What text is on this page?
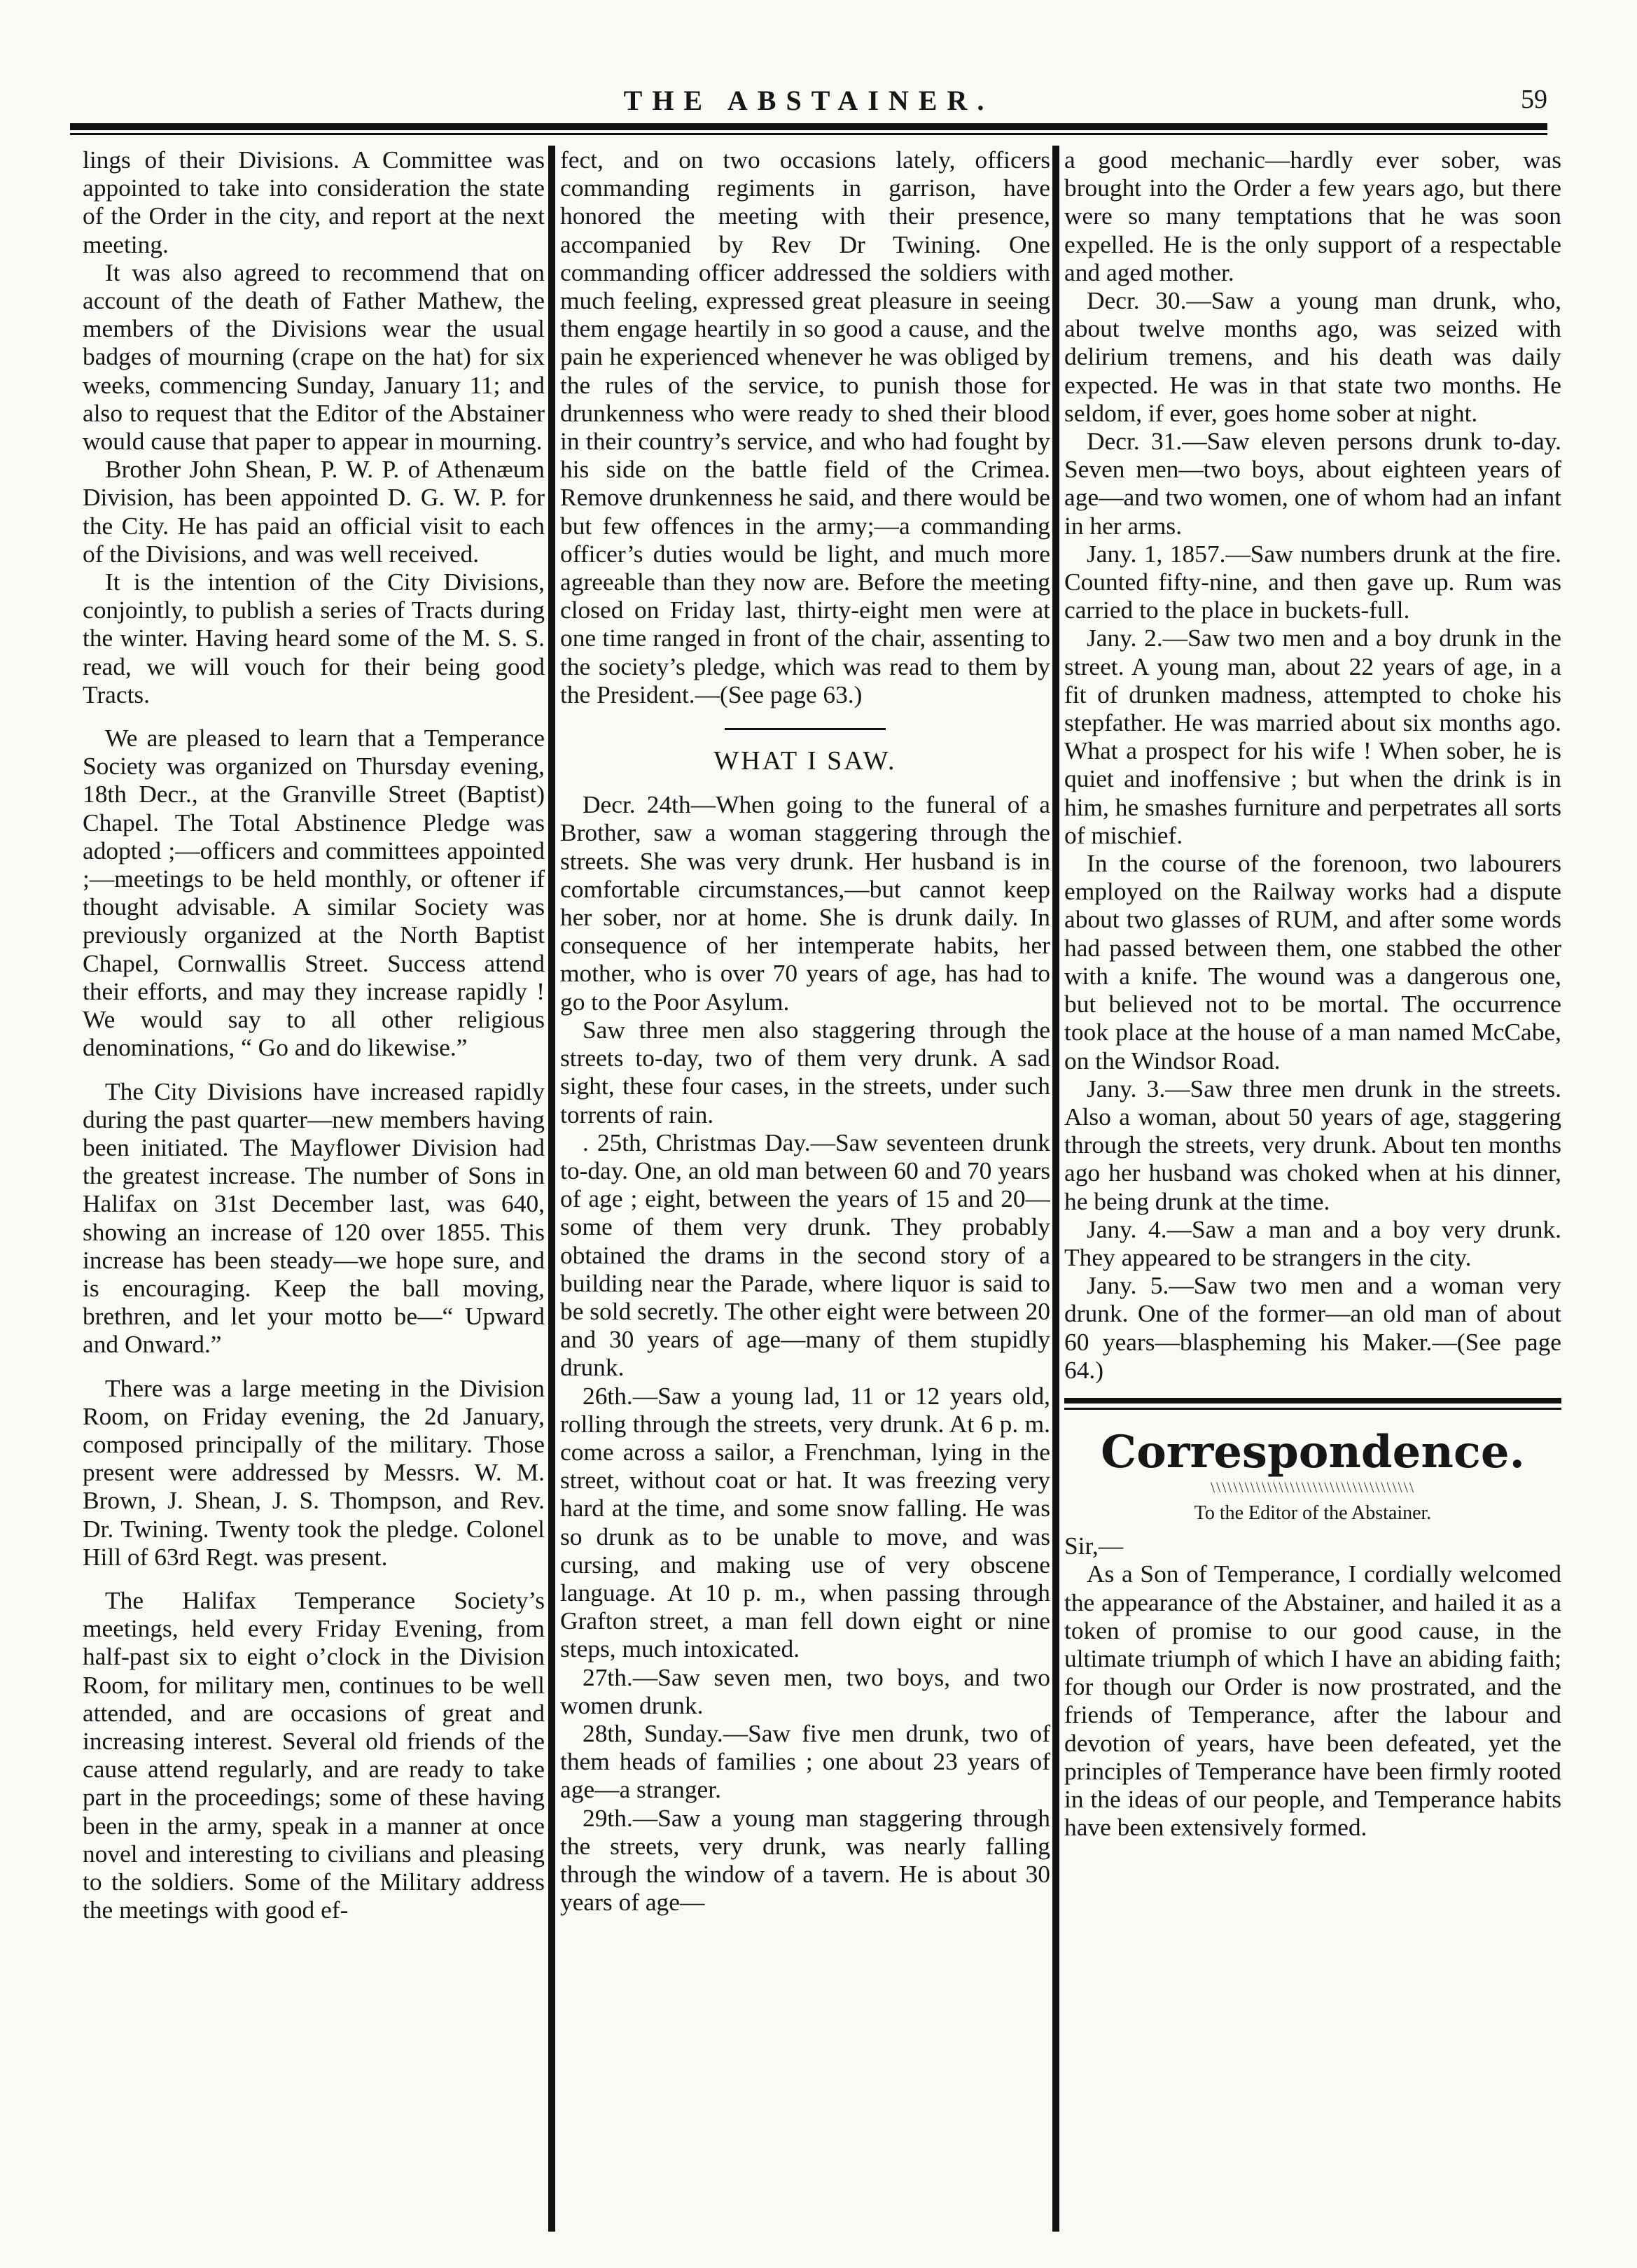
THE ABSTAINER.	59

lings of their Divisions. A Committee was appointed to take into consideration the state of the Order in the city, and report at the next meeting.

It was also agreed to recommend that on account of the death of Father Mathew, the members of the Divisions wear the usual badges of mourning (crape on the hat) for six weeks, commencing Sunday, January 11; and also to request that the Editor of the Abstainer would cause that paper to appear in mourning.

Brother John Shean, P. W. P. of Athenæum Division, has been appointed D. G. W. P. for the City. He has paid an official visit to each of the Divisions, and was well received.

It is the intention of the City Divisions, conjointly, to publish a series of Tracts during the winter. Having heard some of the M. S. S. read, we will vouch for their being good Tracts.

We are pleased to learn that a Temperance Society was organized on Thursday evening, 18th Decr., at the Granville Street (Baptist) Chapel. The Total Abstinence Pledge was adopted ;—officers and committees appointed ;—meetings to be held monthly, or oftener if thought advisable. A similar Society was previously organized at the North Baptist Chapel, Cornwallis Street. Success attend their efforts, and may they increase rapidly ! We would say to all other religious denominations, “ Go and do likewise.”

The City Divisions have increased rapidly during the past quarter—new members having been initiated. The Mayflower Division had the greatest increase. The number of Sons in Halifax on 31st December last, was 640, showing an increase of 120 over 1855. This increase has been steady—we hope sure, and is encouraging. Keep the ball moving, brethren, and let your motto be—“ Upward and Onward.”

There was a large meeting in the Division Room, on Friday evening, the 2d January, composed principally of the military. Those present were addressed by Messrs. W. M. Brown, J. Shean, J. S. Thompson, and Rev. Dr. Twining. Twenty took the pledge. Colonel Hill of 63rd Regt. was present.

The Halifax Temperance Society’s meetings, held every Friday Evening, from half-past six to eight o’clock in the Division Room, for military men, continues to be well attended, and are occasions of great and increasing interest. Several old friends of the cause attend regularly, and are ready to take part in the proceedings; some of these having been in the army, speak in a manner at once novel and interesting to civilians and pleasing to the soldiers. Some of the Military address the meetings with good ef-

fect, and on two occasions lately, officers commanding regiments in garrison, have honored the meeting with their presence, accompanied by Rev Dr Twining. One commanding officer addressed the soldiers with much feeling, expressed great pleasure in seeing them engage heartily in so good a cause, and the pain he experienced whenever he was obliged by the rules of the service, to punish those for drunkenness who were ready to shed their blood in their country’s service, and who had fought by his side on the battle field of the Crimea. Remove drunkenness he said, and there would be but few offences in the army;—a commanding officer’s duties would be light, and much more agreeable than they now are. Before the meeting closed on Friday last, thirty-eight men were at one time ranged in front of the chair, assenting to the society’s pledge, which was read to them by the President.—(See page 63.)

WHAT I SAW.

Decr. 24th—When going to the funeral of a Brother, saw a woman staggering through the streets. She was very drunk. Her husband is in comfortable circumstances,—but cannot keep her sober, nor at home. She is drunk daily. In consequence of her intemperate habits, her mother, who is over 70 years of age, has had to go to the Poor Asylum.

Saw three men also staggering through the streets to-day, two of them very drunk. A sad sight, these four cases, in the streets, under such torrents of rain.

. 25th, Christmas Day.—Saw seventeen drunk to-day. One, an old man between 60 and 70 years of age ; eight, between the years of 15 and 20—some of them very drunk. They probably obtained the drams in the second story of a building near the Parade, where liquor is said to be sold secretly. The other eight were between 20 and 30 years of age—many of them stupidly drunk.

26th.—Saw a young lad, 11 or 12 years old, rolling through the streets, very drunk. At 6 p. m. come across a sailor, a Frenchman, lying in the street, without coat or hat. It was freezing very hard at the time, and some snow falling. He was so drunk as to be unable to move, and was cursing, and making use of very obscene language. At 10 p. m., when passing through Grafton street, a man fell down eight or nine steps, much intoxicated.

27th.—Saw seven men, two boys, and two women drunk.

28th, Sunday.—Saw five men drunk, two of them heads of families ; one about 23 years of age—a stranger.

29th.—Saw a young man staggering through the streets, very drunk, was nearly falling through the window of a tavern. He is about 30 years of age—

a good mechanic—hardly ever sober, was brought into the Order a few years ago, but there were so many temptations that he was soon expelled. He is the only support of a respectable and aged mother.

Decr. 30.—Saw a young man drunk, who, about twelve months ago, was seized with delirium tremens, and his death was daily expected. He was in that state two months. He seldom, if ever, goes home sober at night.

Decr. 31.—Saw eleven persons drunk to-day. Seven men—two boys, about eighteen years of age—and two women, one of whom had an infant in her arms.

Jany. 1, 1857.—Saw numbers drunk at the fire. Counted fifty-nine, and then gave up. Rum was carried to the place in buckets-full.

Jany. 2.—Saw two men and a boy drunk in the street. A young man, about 22 years of age, in a fit of drunken madness, attempted to choke his stepfather. He was married about six months ago. What a prospect for his wife ! When sober, he is quiet and inoffensive ; but when the drink is in him, he smashes furniture and perpetrates all sorts of mischief.

In the course of the forenoon, two labourers employed on the Railway works had a dispute about two glasses of RUM, and after some words had passed between them, one stabbed the other with a knife. The wound was a dangerous one, but believed not to be mortal. The occurrence took place at the house of a man named McCabe, on the Windsor Road.

Jany. 3.—Saw three men drunk in the streets. Also a woman, about 50 years of age, staggering through the streets, very drunk. About ten months ago her husband was choked when at his dinner, he being drunk at the time.

Jany. 4.—Saw a man and a boy very drunk. They appeared to be strangers in the city.

Jany. 5.—Saw two men and a woman very drunk. One of the former—an old man of about 60 years—blaspheming his Maker.—(See page 64.)

Correspondence.

\\\\\\\\\\\\\\\\\\\\\\\\\\\\\\\\\\\\

To the Editor of the Abstainer.

Sir,—

As a Son of Temperance, I cordially welcomed the appearance of the Abstainer, and hailed it as a token of promise to our good cause, in the ultimate triumph of which I have an abiding faith; for though our Order is now prostrated, and the friends of Temperance, after the labour and devotion of years, have been defeated, yet the principles of Temperance have been firmly rooted in the ideas of our people, and Temperance habits have been extensively formed.
